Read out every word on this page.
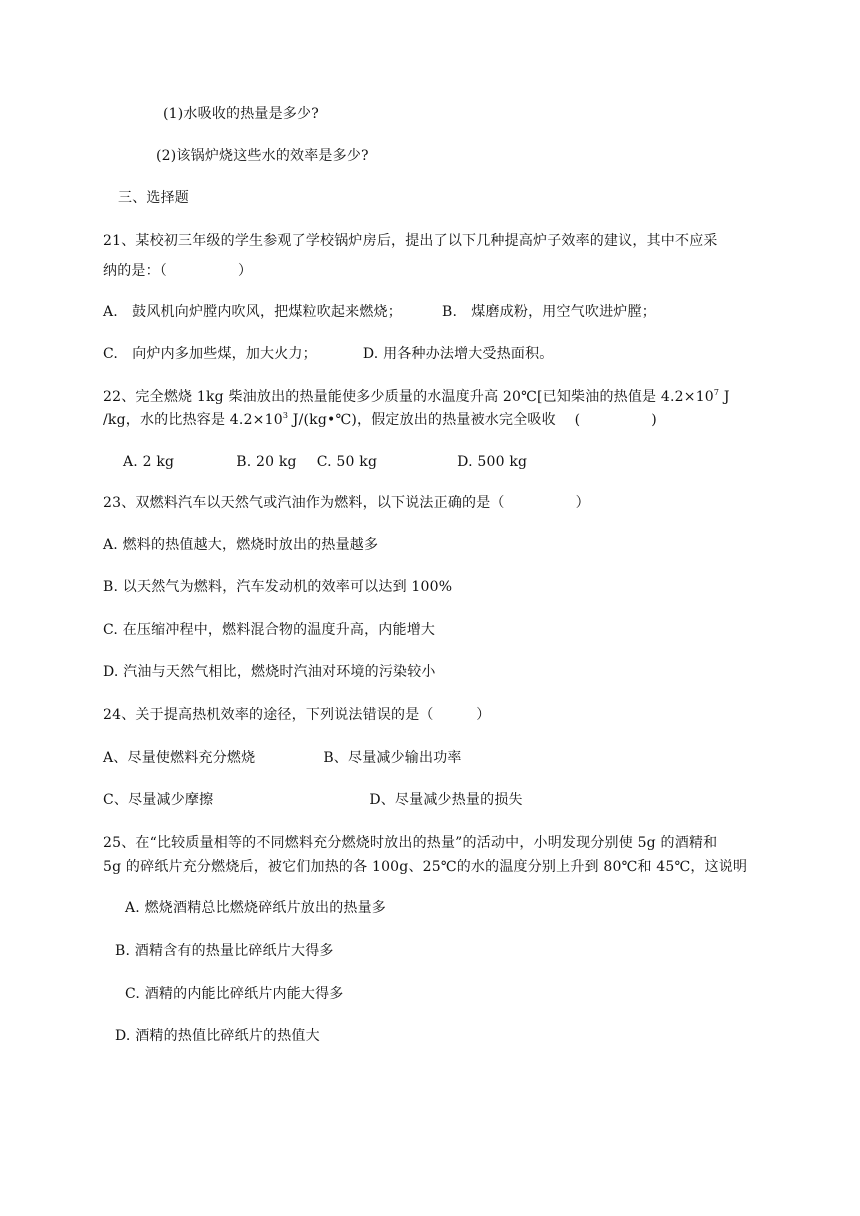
(1)水吸收的热量是多少?
(2)该锅炉烧这些水的效率是多少?
三、选择题
21、某校初三年级的学生参观了学校锅炉房后，提出了以下几种提高炉子效率的建议，其中不应采
纳的是：（　　　　　）
A.　鼓风机向炉膛内吹风，把煤粒吹起来燃烧；	B.　煤磨成粉，用空气吹进炉膛；
C.　向炉内多加些煤，加大火力；	D. 用各种办法增大受热面积。
22、完全燃烧 1kg 柴油放出的热量能使多少质量的水温度升高 20℃[已知柴油的热值是 $4.2\times 10^7$ J
/kg，水的比热容是 $4.2\times 10^3$ J/(kg•℃)，假定放出的热量被水完全吸收　 (　　　　　)
A. 2 kg	B. 20 kg C. 50 kg	D. 500 kg
23、双燃料汽车以天然气或汽油作为燃料，以下说法正确的是（　　　　　）
A. 燃料的热值越大，燃烧时放出的热量越多
B. 以天然气为燃料，汽车发动机的效率可以达到 100%
C. 在压缩冲程中，燃料混合物的温度升高，内能增大
D. 汽油与天然气相比，燃烧时汽油对环境的污染较小
24、关于提高热机效率的途径，下列说法错误的是（　　　）
A、尽量使燃料充分燃烧	B、尽量减少输出功率
C、尽量减少摩擦	D、尽量减少热量的损失
25、在“比较质量相等的不同燃料充分燃烧时放出的热量”的活动中，小明发现分别使 5g 的酒精和
5g 的碎纸片充分燃烧后，被它们加热的各 100g、25℃的水的温度分别上升到 80℃和 45℃，这说明
A. 燃烧酒精总比燃烧碎纸片放出的热量多
B. 酒精含有的热量比碎纸片大得多
C. 酒精的内能比碎纸片内能大得多
D. 酒精的热值比碎纸片的热值大
